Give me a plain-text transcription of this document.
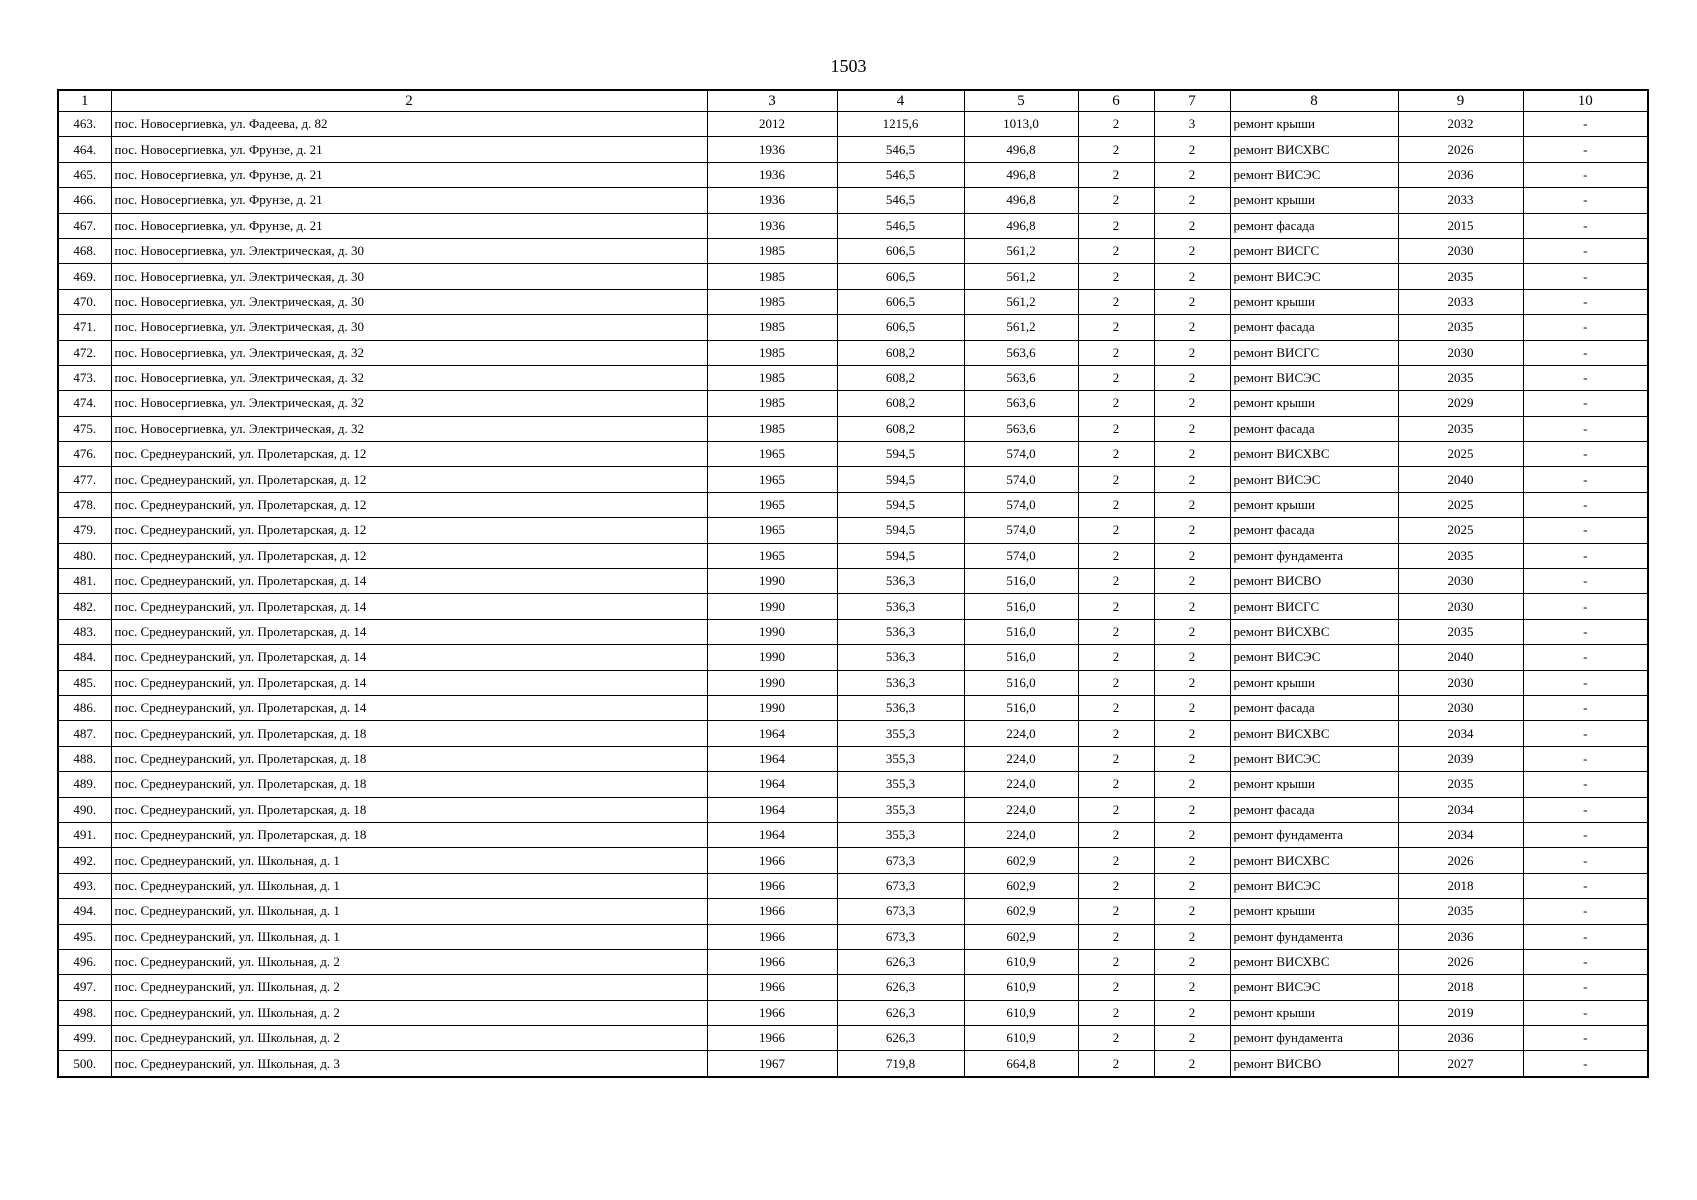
1503
1	2	3	4	5	6	7	8	9	10
463.	пос. Новосергиевка, ул. Фадеева, д. 82	2012	1215,6	1013,0	2	3	ремонт крыши	2032	-
464.	пос. Новосергиевка, ул. Фрунзе, д. 21	1936	546,5	496,8	2	2	ремонт ВИСХВС	2026	-
465.	пос. Новосергиевка, ул. Фрунзе, д. 21	1936	546,5	496,8	2	2	ремонт ВИСЭС	2036	-
466.	пос. Новосергиевка, ул. Фрунзе, д. 21	1936	546,5	496,8	2	2	ремонт крыши	2033	-
467.	пос. Новосергиевка, ул. Фрунзе, д. 21	1936	546,5	496,8	2	2	ремонт фасада	2015	-
468.	пос. Новосергиевка, ул. Электрическая, д. 30	1985	606,5	561,2	2	2	ремонт ВИСГС	2030	-
469.	пос. Новосергиевка, ул. Электрическая, д. 30	1985	606,5	561,2	2	2	ремонт ВИСЭС	2035	-
470.	пос. Новосергиевка, ул. Электрическая, д. 30	1985	606,5	561,2	2	2	ремонт крыши	2033	-
471.	пос. Новосергиевка, ул. Электрическая, д. 30	1985	606,5	561,2	2	2	ремонт фасада	2035	-
472.	пос. Новосергиевка, ул. Электрическая, д. 32	1985	608,2	563,6	2	2	ремонт ВИСГС	2030	-
473.	пос. Новосергиевка, ул. Электрическая, д. 32	1985	608,2	563,6	2	2	ремонт ВИСЭС	2035	-
474.	пос. Новосергиевка, ул. Электрическая, д. 32	1985	608,2	563,6	2	2	ремонт крыши	2029	-
475.	пос. Новосергиевка, ул. Электрическая, д. 32	1985	608,2	563,6	2	2	ремонт фасада	2035	-
476.	пос. Среднеуранский, ул. Пролетарская, д. 12	1965	594,5	574,0	2	2	ремонт ВИСХВС	2025	-
477.	пос. Среднеуранский, ул. Пролетарская, д. 12	1965	594,5	574,0	2	2	ремонт ВИСЭС	2040	-
478.	пос. Среднеуранский, ул. Пролетарская, д. 12	1965	594,5	574,0	2	2	ремонт крыши	2025	-
479.	пос. Среднеуранский, ул. Пролетарская, д. 12	1965	594,5	574,0	2	2	ремонт фасада	2025	-
480.	пос. Среднеуранский, ул. Пролетарская, д. 12	1965	594,5	574,0	2	2	ремонт фундамента	2035	-
481.	пос. Среднеуранский, ул. Пролетарская, д. 14	1990	536,3	516,0	2	2	ремонт ВИСВО	2030	-
482.	пос. Среднеуранский, ул. Пролетарская, д. 14	1990	536,3	516,0	2	2	ремонт ВИСГС	2030	-
483.	пос. Среднеуранский, ул. Пролетарская, д. 14	1990	536,3	516,0	2	2	ремонт ВИСХВС	2035	-
484.	пос. Среднеуранский, ул. Пролетарская, д. 14	1990	536,3	516,0	2	2	ремонт ВИСЭС	2040	-
485.	пос. Среднеуранский, ул. Пролетарская, д. 14	1990	536,3	516,0	2	2	ремонт крыши	2030	-
486.	пос. Среднеуранский, ул. Пролетарская, д. 14	1990	536,3	516,0	2	2	ремонт фасада	2030	-
487.	пос. Среднеуранский, ул. Пролетарская, д. 18	1964	355,3	224,0	2	2	ремонт ВИСХВС	2034	-
488.	пос. Среднеуранский, ул. Пролетарская, д. 18	1964	355,3	224,0	2	2	ремонт ВИСЭС	2039	-
489.	пос. Среднеуранский, ул. Пролетарская, д. 18	1964	355,3	224,0	2	2	ремонт крыши	2035	-
490.	пос. Среднеуранский, ул. Пролетарская, д. 18	1964	355,3	224,0	2	2	ремонт фасада	2034	-
491.	пос. Среднеуранский, ул. Пролетарская, д. 18	1964	355,3	224,0	2	2	ремонт фундамента	2034	-
492.	пос. Среднеуранский, ул. Школьная, д. 1	1966	673,3	602,9	2	2	ремонт ВИСХВС	2026	-
493.	пос. Среднеуранский, ул. Школьная, д. 1	1966	673,3	602,9	2	2	ремонт ВИСЭС	2018	-
494.	пос. Среднеуранский, ул. Школьная, д. 1	1966	673,3	602,9	2	2	ремонт крыши	2035	-
495.	пос. Среднеуранский, ул. Школьная, д. 1	1966	673,3	602,9	2	2	ремонт фундамента	2036	-
496.	пос. Среднеуранский, ул. Школьная, д. 2	1966	626,3	610,9	2	2	ремонт ВИСХВС	2026	-
497.	пос. Среднеуранский, ул. Школьная, д. 2	1966	626,3	610,9	2	2	ремонт ВИСЭС	2018	-
498.	пос. Среднеуранский, ул. Школьная, д. 2	1966	626,3	610,9	2	2	ремонт крыши	2019	-
499.	пос. Среднеуранский, ул. Школьная, д. 2	1966	626,3	610,9	2	2	ремонт фундамента	2036	-
500.	пос. Среднеуранский, ул. Школьная, д. 3	1967	719,8	664,8	2	2	ремонт ВИСВО	2027	-
